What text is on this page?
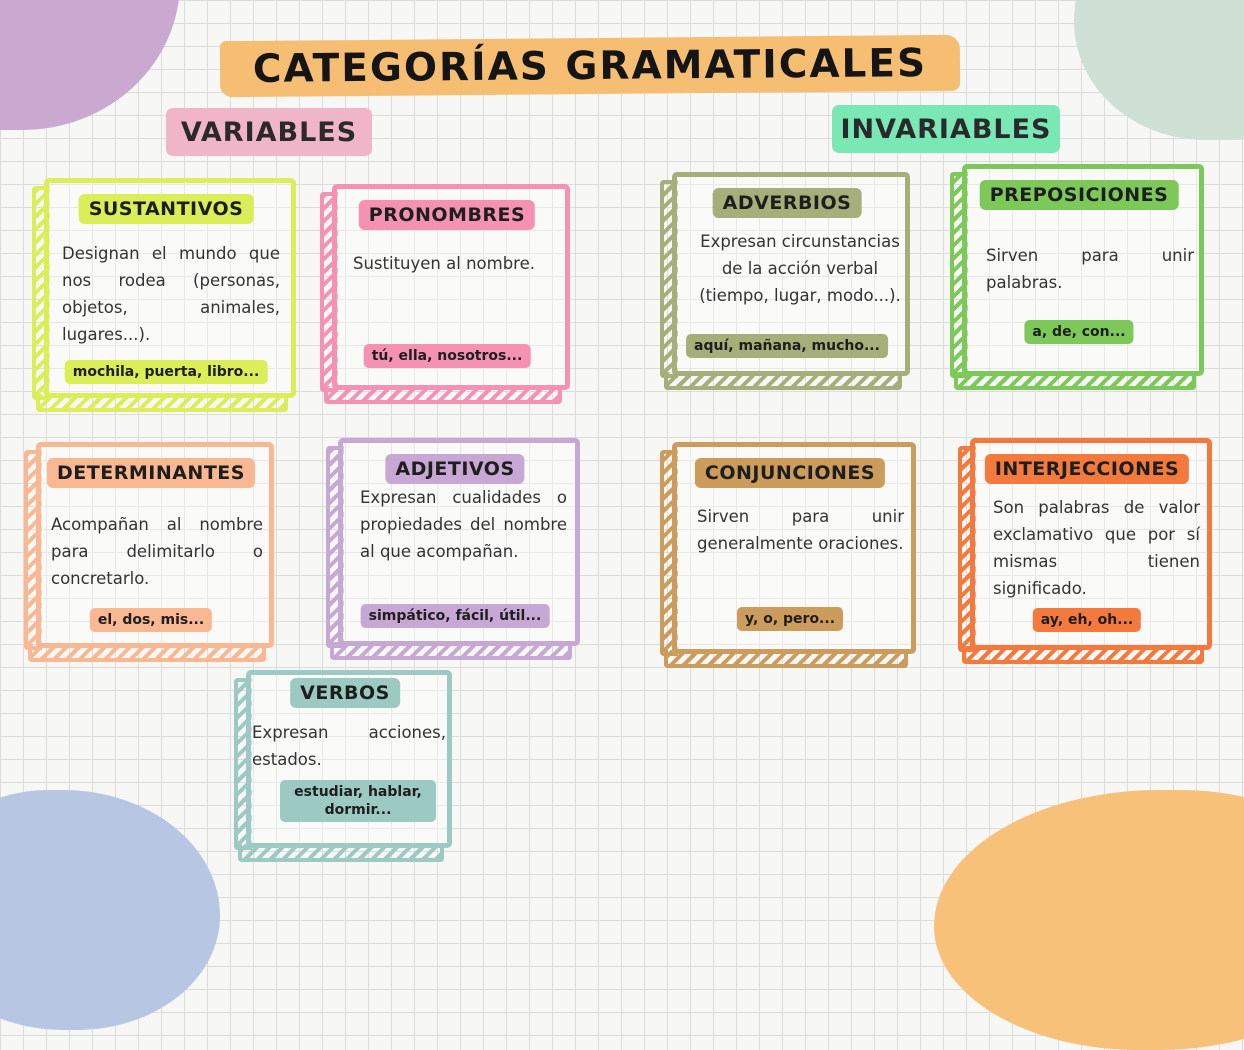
CATEGORÍAS GRAMATICALES
VARIABLES	INVARIABLES
SUSTANTIVOS
Designan el mundo que nos rodea (personas, objetos, animales, lugares...).
mochila, puerta, libro...
PRONOMBRES
Sustituyen al nombre.
tú, ella, nosotros...
ADVERBIOS
Expresan circunstancias de la acción verbal (tiempo, lugar, modo...).
aquí, mañana, mucho...
PREPOSICIONES
Sirven para unir palabras.
a, de, con...
DETERMINANTES
Acompañan al nombre para delimitarlo o concretarlo.
el, dos, mis...
ADJETIVOS
Expresan cualidades o propiedades del nombre al que acompañan.
simpático, fácil, útil...
CONJUNCIONES
Sirven para unir generalmente oraciones.
y, o, pero...
INTERJECCIONES
Son palabras de valor exclamativo que por sí mismas tienen significado.
ay, eh, oh...
VERBOS
Expresan acciones, estados.
estudiar, hablar, dormir...
